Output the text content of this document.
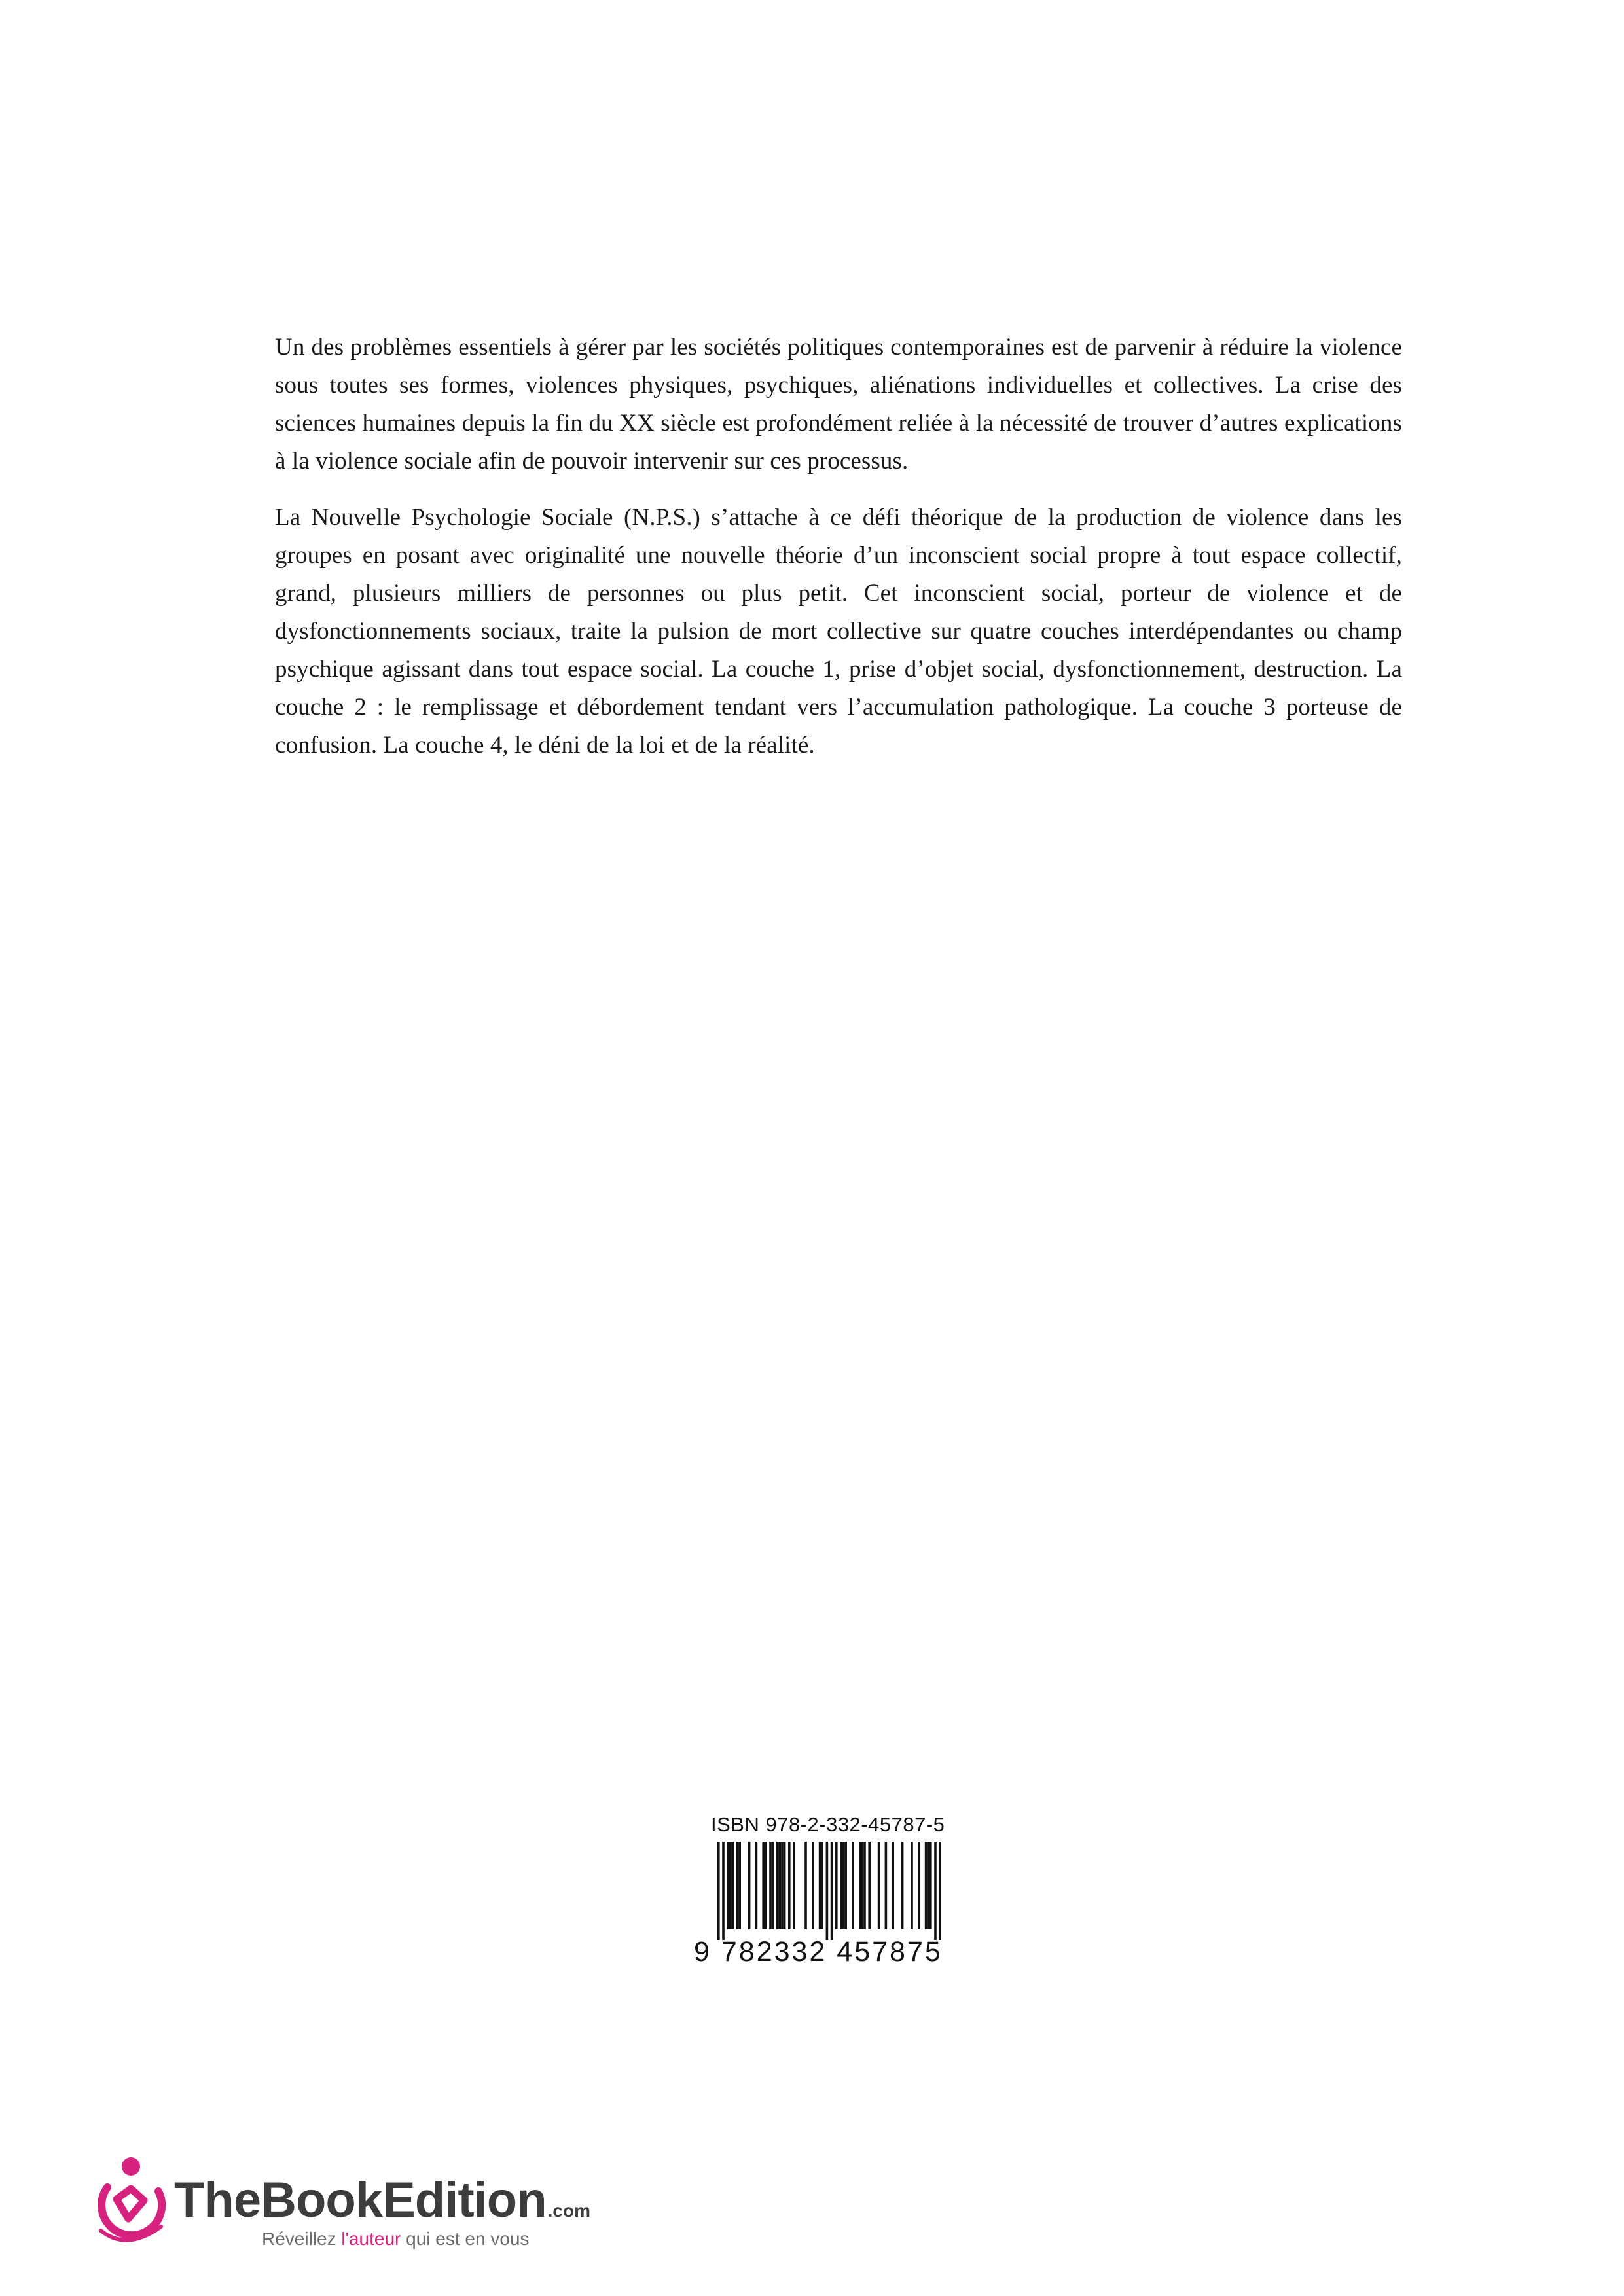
Un des problèmes essentiels à gérer par les sociétés politiques contemporaines est de parvenir à réduire la violence sous toutes ses formes, violences physiques, psychiques, aliénations individuelles et collectives. La crise des sciences humaines depuis la fin du XX siècle est profondément reliée à la nécessité de trouver d’autres explications à la violence sociale afin de pouvoir intervenir sur ces processus.

La Nouvelle Psychologie Sociale (N.P.S.) s’attache à ce défi théorique de la production de violence dans les groupes en posant avec originalité une nouvelle théorie d’un inconscient social propre à tout espace collectif, grand, plusieurs milliers de personnes ou plus petit. Cet inconscient social, porteur de violence et de dysfonctionnements sociaux, traite la pulsion de mort collective sur quatre couches interdépendantes ou champ psychique agissant dans tout espace social. La couche 1, prise d’objet social, dysfonctionnement, destruction. La couche 2 : le remplissage et débordement tendant vers l’accumulation pathologique. La couche 3 porteuse de confusion. La couche 4, le déni de la loi et de la réalité.

ISBN 978-2-332-45787-5
9 782332 457875
TheBookEdition.com
Réveillez l'auteur qui est en vous
